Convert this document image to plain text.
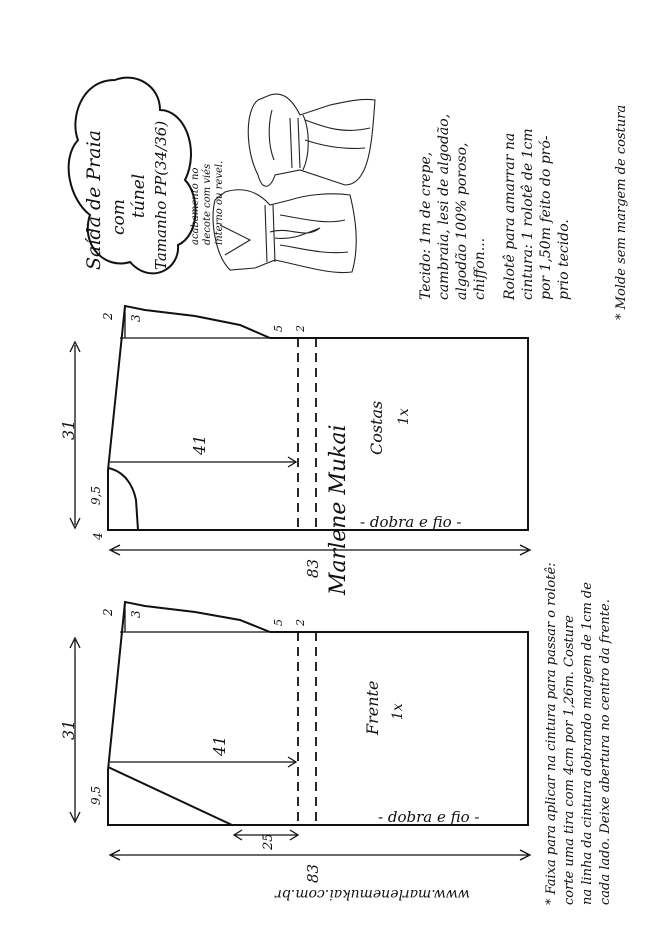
Saída de Praia com túnel Tamanho PP(34/36) acabamento no decote com viés interno ou revel.	Tecido: 1m de crepe, cambraia, lesi de algodão, algodão 100% poroso, chiffon... Rolotê para amarrar na cintura: 1 rolotê de 1cm por 1,50m feito do pró- prio tecido.	* Molde sem margem de costura
41
31
2 3
5 2
9,5
4
Costas 1x
- dobra e fio -
83 Marlene Mukai
41
31
2 3
5 2
9,5
25
Frente 1x
- dobra e fio -
83	* Faixa para aplicar na cintura para passar o rolotê: corte uma tira com 4cm por 1,26m. Costure na linha da cintura dobrando margem de 1cm de cada lado. Deixe abertura no centro da frente.
www.marlenemukai.com.br
